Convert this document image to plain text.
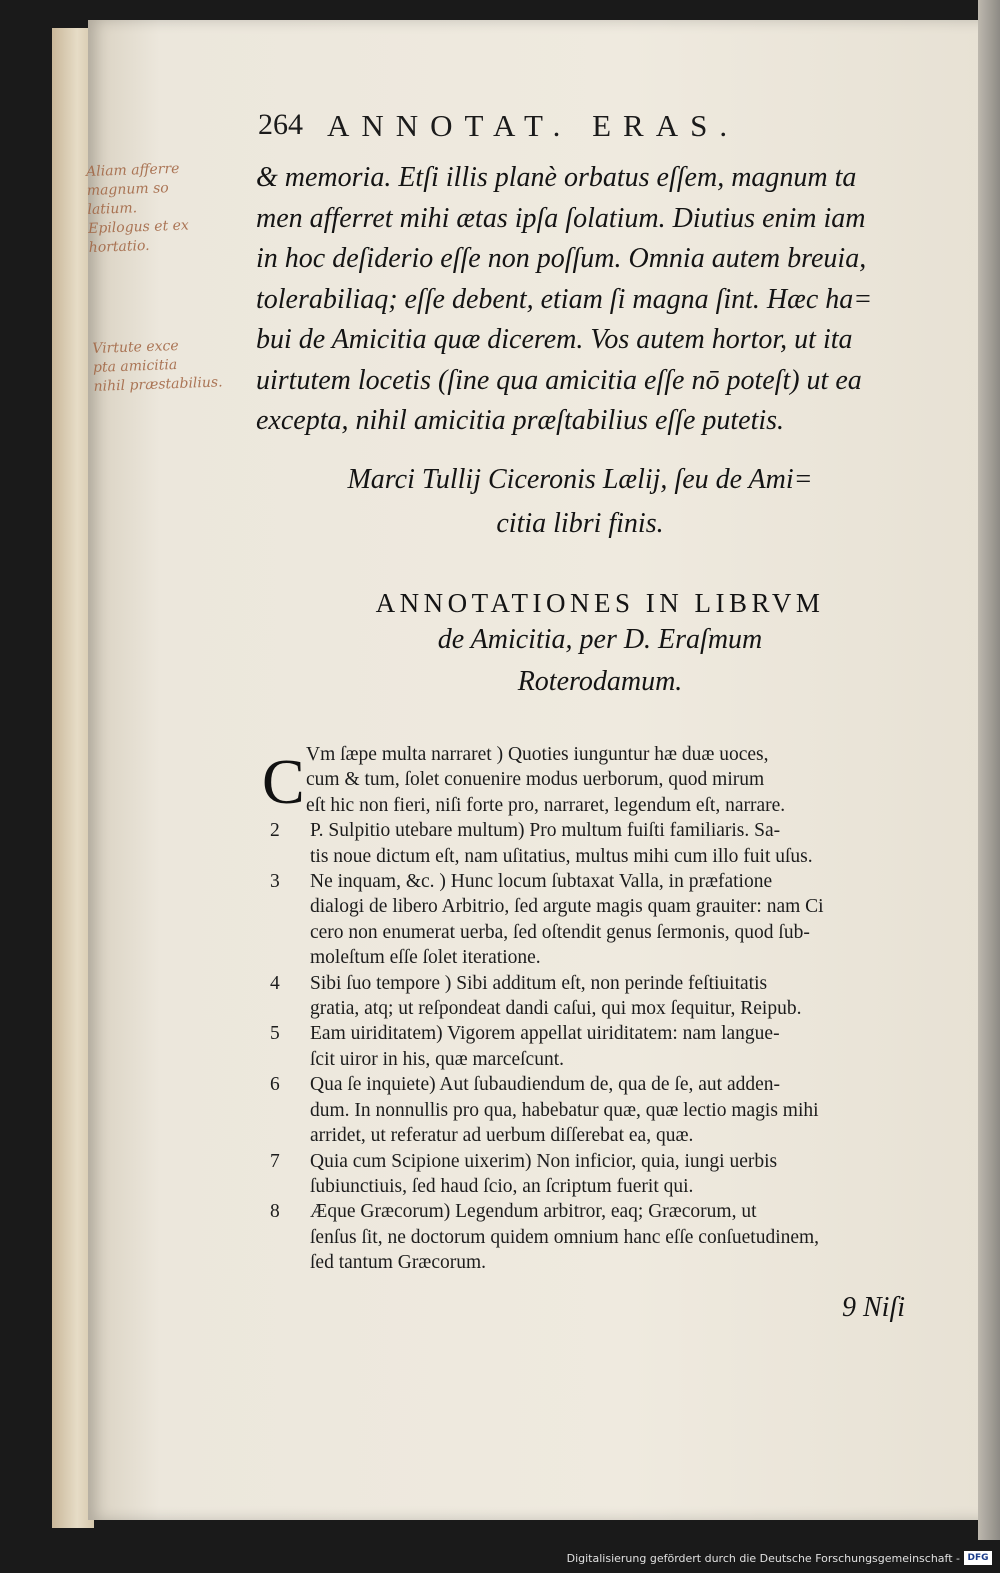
264 ANNOTAT. ERAS.
Aliam afferre
magnum so
latium.
Epilogus et ex
hortatio.
Virtute exce
pta amicitia
nihil præstabilius.
& memoria. Etſi illis planè orbatus eſſem, magnum ta
men afferret mihi ætas ipſa ſolatium. Diutius enim iam
in hoc deſiderio eſſe non poſſum. Omnia autem breuia,
tolerabiliaq; eſſe debent, etiam ſi magna ſint. Hæc ha=
bui de Amicitia quæ dicerem. Vos autem hortor, ut ita
uirtutem locetis (ſine qua amicitia eſſe nō poteſt) ut ea
excepta, nihil amicitia præſtabilius eſſe putetis.
Marci Tullij Ciceronis Lælij, ſeu de Ami=
citia libri finis.
ANNOTATIONES IN LIBRVM
de Amicitia, per D. Eraſmum
Roterodamum.
C Vm ſæpe multa narraret ) Quoties iunguntur hæ duæ uoces,
cum & tum, ſolet conuenire modus uerborum, quod mirum
eſt hic non fieri, niſi forte pro, narraret, legendum eſt, narrare.
2 P. Sulpitio utebare multum) Pro multum fuiſti familiaris. Sa-
tis noue dictum eſt, nam uſitatius, multus mihi cum illo fuit uſus.
3 Ne inquam, &c. ) Hunc locum ſubtaxat Valla, in præfatione
dialogi de libero Arbitrio, ſed argute magis quam grauiter: nam Ci
cero non enumerat uerba, ſed oſtendit genus ſermonis, quod ſub-
moleſtum eſſe ſolet iteratione.
4 Sibi ſuo tempore ) Sibi additum eſt, non perinde feſtiuitatis
gratia, atq; ut reſpondeat dandi caſui, qui mox ſequitur, Reipub.
5 Eam uiriditatem) Vigorem appellat uiriditatem: nam langue-
ſcit uiror in his, quæ marceſcunt.
6 Qua ſe inquiete) Aut ſubaudiendum de, qua de ſe, aut adden-
dum. In nonnullis pro qua, habebatur quæ, quæ lectio magis mihi
arridet, ut referatur ad uerbum diſſerebat ea, quæ.
7 Quia cum Scipione uixerim) Non inficior, quia, iungi uerbis
ſubiunctiuis, ſed haud ſcio, an ſcriptum fuerit qui.
8 Æque Græcorum) Legendum arbitror, eaq; Græcorum, ut
ſenſus ſit, ne doctorum quidem omnium hanc eſſe conſuetudinem,
ſed tantum Græcorum.
9 Niſi
Digitalisierung gefördert durch die Deutsche Forschungsgemeinschaft - DFG
